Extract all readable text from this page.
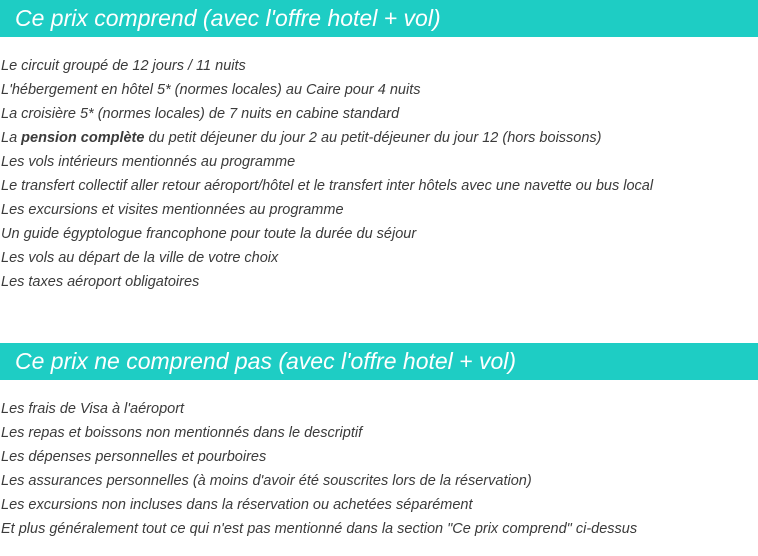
Ce prix comprend (avec l'offre hotel + vol)
Le circuit groupé de 12 jours / 11 nuits
L'hébergement en hôtel 5* (normes locales) au Caire pour 4 nuits
La croisière 5* (normes locales) de 7 nuits en cabine standard
La pension complète du petit déjeuner du jour 2 au petit-déjeuner du jour 12 (hors boissons)
Les vols intérieurs mentionnés au programme
Le transfert collectif aller retour aéroport/hôtel et le transfert inter hôtels avec une navette ou bus local
Les excursions et visites mentionnées au programme
Un guide égyptologue francophone pour toute la durée du séjour
Les vols au départ de la ville de votre choix
Les taxes aéroport obligatoires
Ce prix ne comprend pas (avec l'offre hotel + vol)
Les frais de Visa à l'aéroport
Les repas et boissons non mentionnés dans le descriptif
Les dépenses personnelles et pourboires
Les assurances personnelles (à moins d'avoir été souscrites lors de la réservation)
Les excursions non incluses dans la réservation ou achetées séparément
Et plus généralement tout ce qui n'est pas mentionné dans la section "Ce prix comprend" ci-dessus
